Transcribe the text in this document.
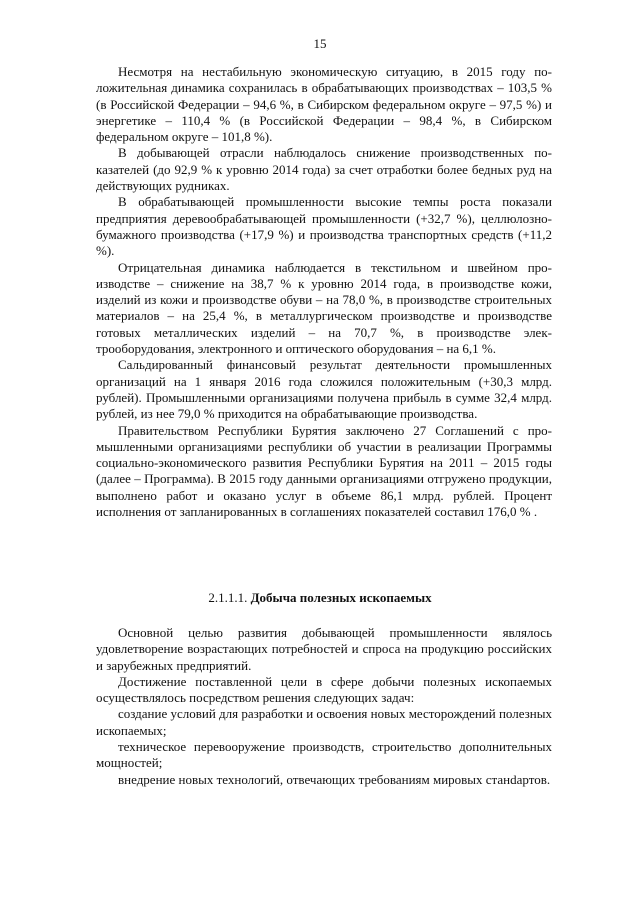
15

Несмотря на нестабильную экономическую ситуацию, в 2015 году положительная динамика сохранилась в обрабатывающих производствах – 103,5 % (в Российской Федерации – 94,6 %, в Сибирском федеральном округе – 97,5 %) и энергетике – 110,4 % (в Российской Федерации – 98,4 %, в Сибирском федеральном округе – 101,8 %).

В добывающей отрасли наблюдалось снижение производственных показателей (до 92,9 % к уровню 2014 года) за счет отработки более бедных руд на действующих рудниках.

В обрабатывающей промышленности высокие темпы роста показали предприятия деревообрабатывающей промышленности (+32,7 %), целлюлозно-бумажного производства (+17,9 %) и производства транспортных средств (+11,2 %).

Отрицательная динамика наблюдается в текстильном и швейном производстве – снижение на 38,7 % к уровню 2014 года, в производстве кожи, изделий из кожи и производстве обуви – на 78,0 %, в производстве строительных материалов – на 25,4 %, в металлургическом производстве и производстве готовых металлических изделий – на 70,7 %, в производстве электрооборудования, электронного и оптического оборудования – на 6,1 %.

Сальдированный финансовый результат деятельности промышленных организаций на 1 января 2016 года сложился положительным (+30,3 млрд. рублей). Промышленными организациями получена прибыль в сумме 32,4 млрд. рублей, из нее 79,0 % приходится на обрабатывающие производства.

Правительством Республики Бурятия заключено 27 Соглашений с промышленными организациями республики об участии в реализации Программы социально-экономического развития Республики Бурятия на 2011 – 2015 годы (далее – Программа). В 2015 году данными организациями отгружено продукции, выполнено работ и оказано услуг в объеме 86,1 млрд. рублей. Процент исполнения от запланированных в соглашениях показателей составил 176,0 % .

2.1.1.1. Добыча полезных ископаемых

Основной целью развития добывающей промышленности являлось удовлетворение возрастающих потребностей и спроса на продукцию российских и зарубежных предприятий.

Достижение поставленной цели в сфере добычи полезных ископаемых осуществлялось посредством решения следующих задач:

создание условий для разработки и освоения новых месторождений полезных ископаемых;

техническое перевооружение производств, строительство дополнительных мощностей;

внедрение новых технологий, отвечающих требованиям мировых станdартов.
